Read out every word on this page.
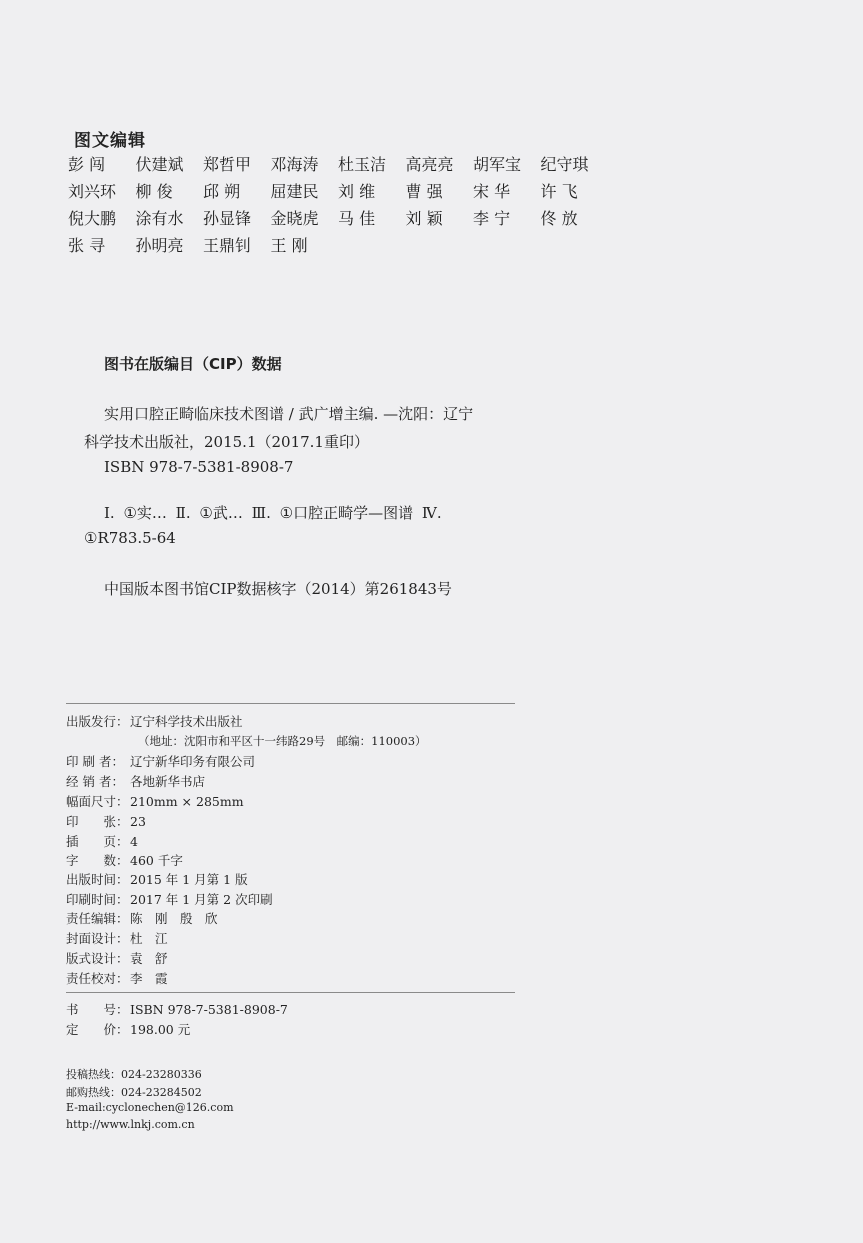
图文编辑
彭 闯	伏建斌	郑哲甲	邓海涛	杜玉洁	高亮亮	胡军宝	纪守琪
刘兴环	柳 俊	邱 朔	屈建民	刘 维	曹 强	宋 华	许 飞
倪大鹏	涂有水	孙显锋	金晓虎	马 佳	刘 颖	李 宁	佟 放
张 寻	孙明亮	王鼎钊	王 刚
图书在版编目（CIP）数据
实用口腔正畸临床技术图谱 / 武广增主编. —沈阳：辽宁
科学技术出版社，2015.1（2017.1重印）
ISBN 978-7-5381-8908-7
Ⅰ. ①实… Ⅱ. ①武… Ⅲ. ①口腔正畸学—图谱 Ⅳ.
①R783.5-64
中国版本图书馆CIP数据核字（2014）第261843号
出版发行：辽宁科学技术出版社
（地址：沈阳市和平区十一纬路29号　邮编：110003）
印 刷 者： 辽宁新华印务有限公司
经 销 者： 各地新华书店
幅面尺寸：210mm × 285mm
印　　张：23
插　　页：4
字　　数：460 千字
出版时间：2015 年 1 月第 1 版
印刷时间：2017 年 1 月第 2 次印刷
责任编辑：陈　刚　殷　欣
封面设计：杜　江
版式设计：袁　舒
责任校对：李　霞
书　　号：ISBN 978-7-5381-8908-7
定　　价：198.00 元
投稿热线：024-23280336
邮购热线：024-23284502
E-mail:cyclonechen@126.com
http://www.lnkj.com.cn
